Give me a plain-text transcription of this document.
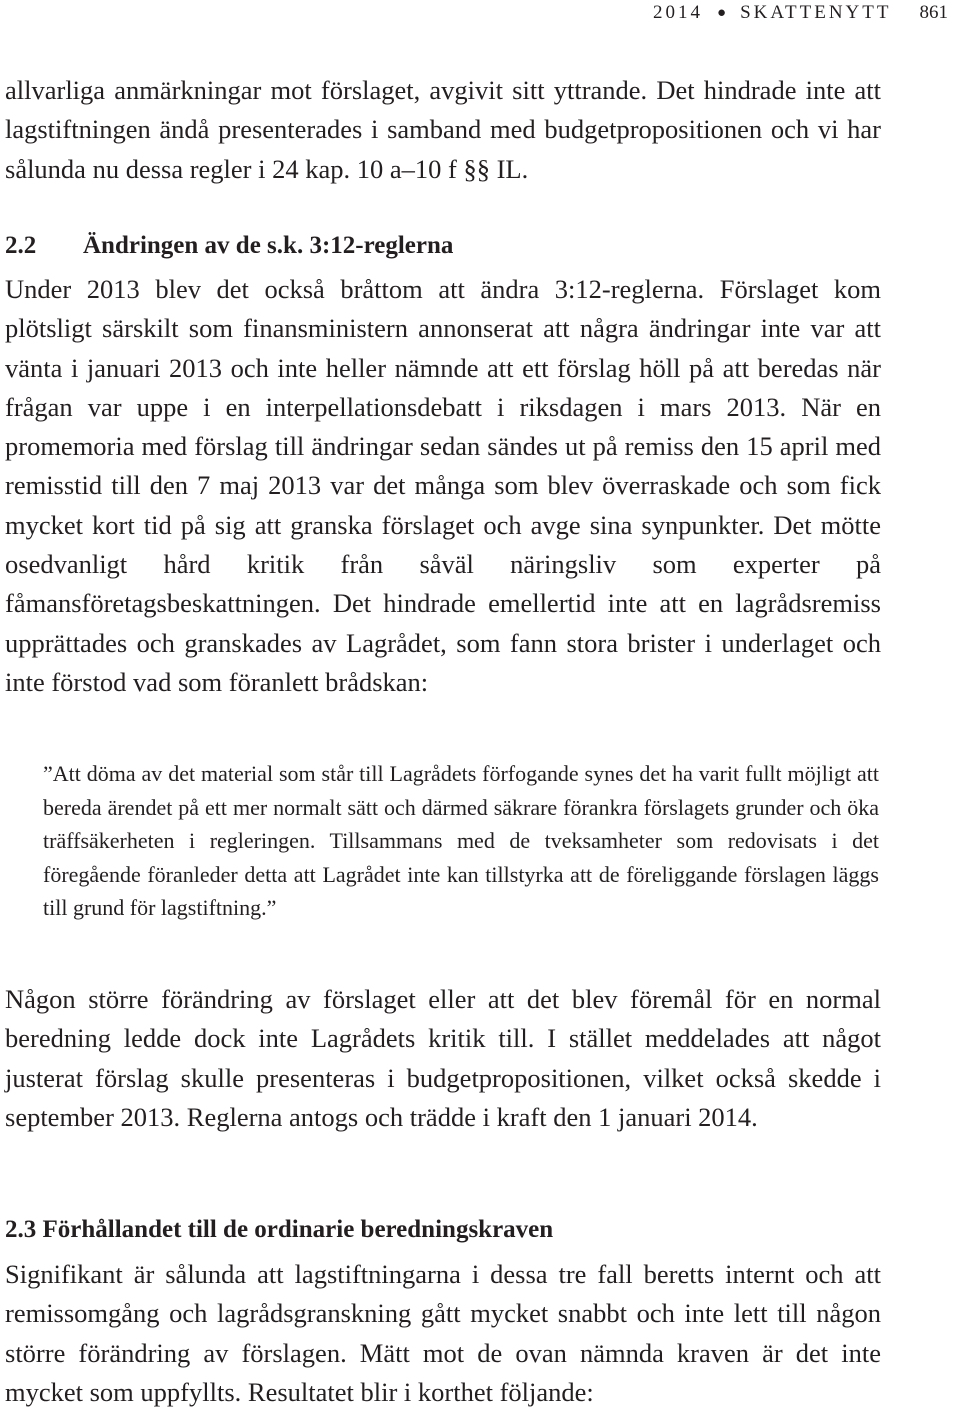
2014 ● SKATTENYTT 861

allvarliga anmärkningar mot förslaget, avgivit sitt yttrande. Det hindrade inte att lagstiftningen ändå presenterades i samband med budgetpropositionen och vi har sålunda nu dessa regler i 24 kap. 10 a–10 f §§ IL.

2.2 Ändringen av de s.k. 3:12-reglerna

Under 2013 blev det också bråttom att ändra 3:12-reglerna. Förslaget kom plötsligt särskilt som finansministern annonserat att några ändringar inte var att vänta i januari 2013 och inte heller nämnde att ett förslag höll på att beredas när frågan var uppe i en interpellationsdebatt i riksdagen i mars 2013. När en promemoria med förslag till ändringar sedan sändes ut på remiss den 15 april med remisstid till den 7 maj 2013 var det många som blev överraskade och som fick mycket kort tid på sig att granska förslaget och avge sina synpunkter. Det mötte osedvanligt hård kritik från såväl näringsliv som experter på fåmansföretagsbeskattningen. Det hindrade emellertid inte att en lagrådsremiss upprättades och granskades av Lagrådet, som fann stora brister i underlaget och inte förstod vad som föranlett brådskan:

”Att döma av det material som står till Lagrådets förfogande synes det ha varit fullt möjligt att bereda ärendet på ett mer normalt sätt och därmed säkrare förankra förslagets grunder och öka träffsäkerheten i regleringen. Tillsammans med de tveksamheter som redovisats i det föregående föranleder detta att Lagrådet inte kan tillstyrka att de föreliggande förslagen läggs till grund för lagstiftning.”

Någon större förändring av förslaget eller att det blev föremål för en normal beredning ledde dock inte Lagrådets kritik till. I stället meddelades att något justerat förslag skulle presenteras i budgetpropositionen, vilket också skedde i september 2013. Reglerna antogs och trädde i kraft den 1 januari 2014.

2.3 Förhållandet till de ordinarie beredningskraven

Signifikant är sålunda att lagstiftningarna i dessa tre fall beretts internt och att remissomgång och lagrådsgranskning gått mycket snabbt och inte lett till någon större förändring av förslagen. Mätt mot de ovan nämnda kraven är det inte mycket som uppfyllts. Resultatet blir i korthet följande:
